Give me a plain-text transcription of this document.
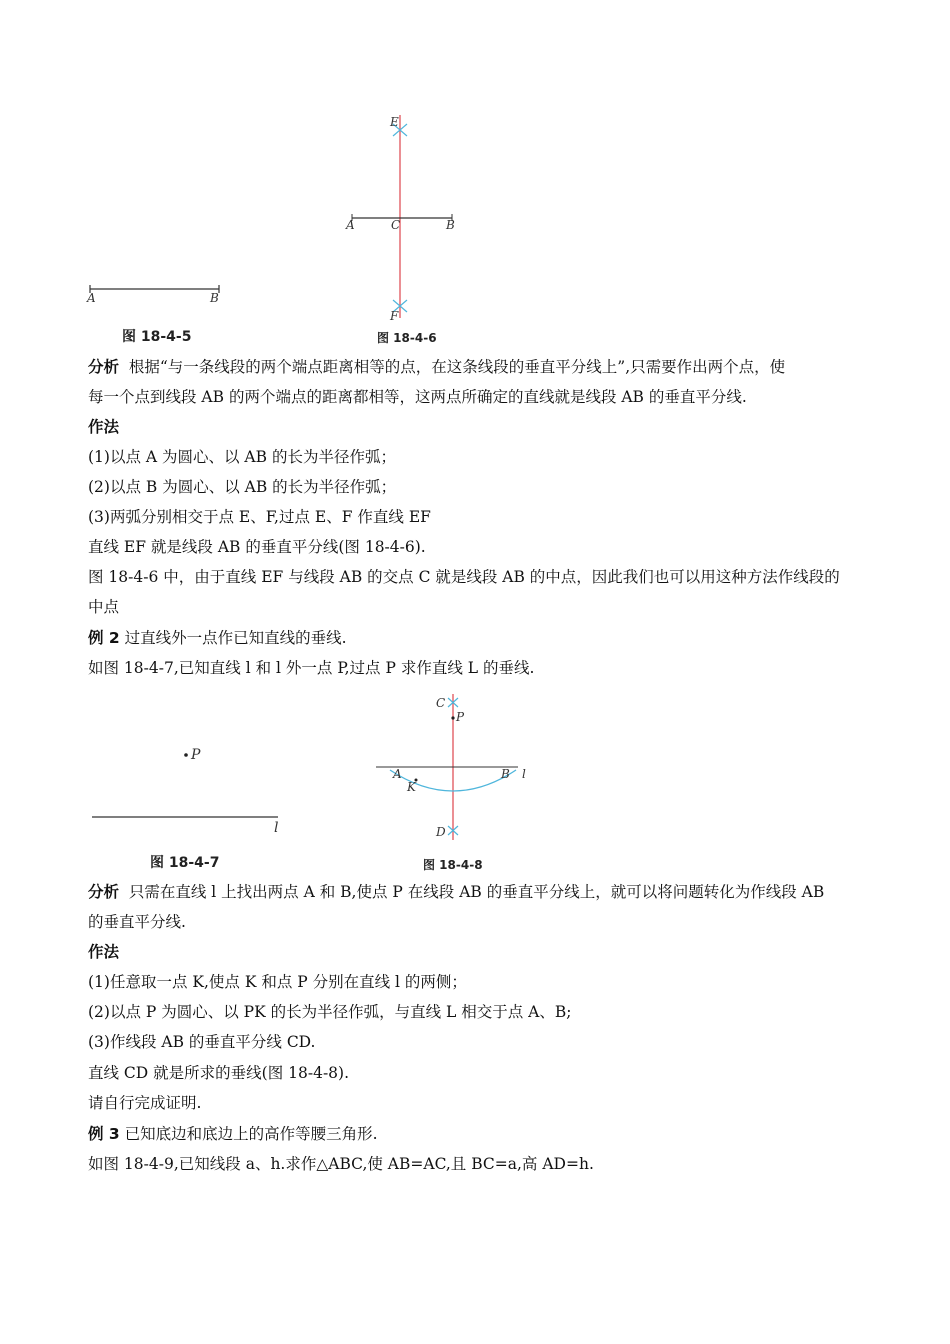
A	B
图 18-4-5
E
A	C	B
F
图 18-4-6
分析 根据“与一条线段的两个端点距离相等的点，在这条线段的垂直平分线上”,只需要作出两个点，使
每一个点到线段 AB 的两个端点的距离都相等，这两点所确定的直线就是线段 AB 的垂直平分线.
作法
(1)以点 A 为圆心、以 AB 的长为半径作弧；
(2)以点 B 为圆心、以 AB 的长为半径作弧；
(3)两弧分别相交于点 E、F,过点 E、F 作直线 EF
直线 EF 就是线段 AB 的垂直平分线(图 18-4-6).
图 18-4-6 中，由于直线 EF 与线段 AB 的交点 C 就是线段 AB 的中点，因此我们也可以用这种方法作线段的
中点
例 2 过直线外一点作已知直线的垂线.
如图 18-4-7,已知直线 l 和 l 外一点 P,过点 P 求作直线 L 的垂线.
P
l
图 18-4-7
C
P
A	B l
K
D
图 18-4-8
分析 只需在直线 l 上找出两点 A 和 B,使点 P 在线段 AB 的垂直平分线上，就可以将问题转化为作线段 AB
的垂直平分线.
作法
(1)任意取一点 K,使点 K 和点 P 分别在直线 l 的两侧；
(2)以点 P 为圆心、以 PK 的长为半径作弧，与直线 L 相交于点 A、B;
(3)作线段 AB 的垂直平分线 CD.
直线 CD 就是所求的垂线(图 18-4-8).
请自行完成证明.
例 3 已知底边和底边上的高作等腰三角形.
如图 18-4-9,已知线段 a、h.求作△ABC,使 AB=AC,且 BC=a,高 AD=h.
